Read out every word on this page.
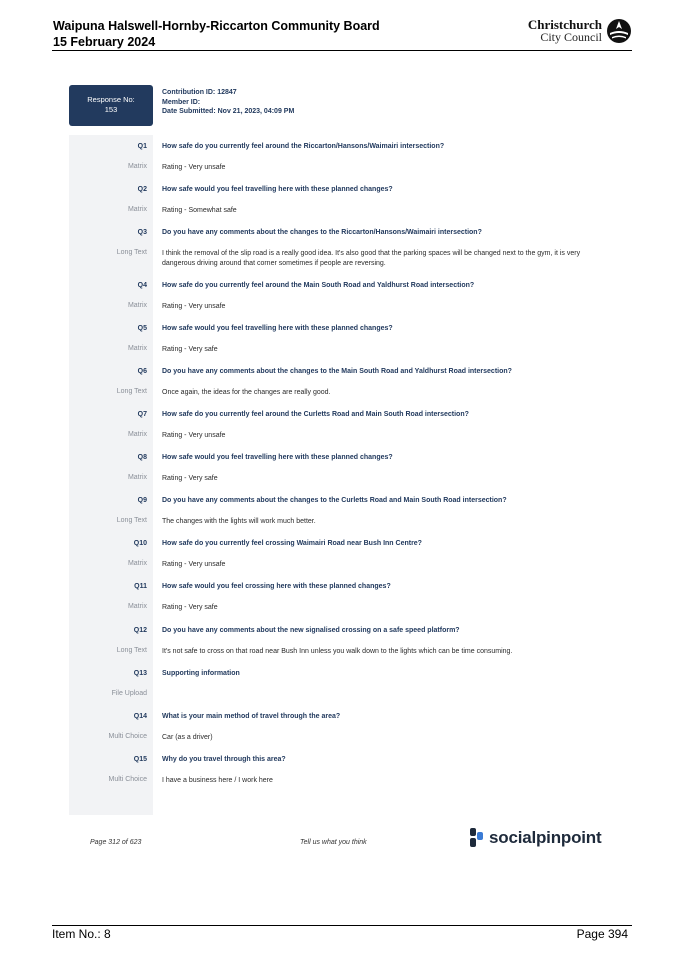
Waipuna Halswell-Hornby-Riccarton Community Board
15 February 2024
Christchurch
City Council
Response No:
153
Contribution ID: 12847
Member ID:
Date Submitted: Nov 21, 2023, 04:09 PM
Q1 How safe do you currently feel around the Riccarton/Hansons/Waimairi intersection?
Matrix Rating - Very unsafe
Q2 How safe would you feel travelling here with these planned changes?
Matrix Rating - Somewhat safe
Q3 Do you have any comments about the changes to the Riccarton/Hansons/Waimairi intersection?
Long Text I think the removal of the slip road is a really good idea. It's also good that the parking spaces will be changed next to the gym, it is very dangerous driving around that corner sometimes if people are reversing.
Q4 How safe do you currently feel around the Main South Road and Yaldhurst Road intersection?
Matrix Rating - Very unsafe
Q5 How safe would you feel travelling here with these planned changes?
Matrix Rating - Very safe
Q6 Do you have any comments about the changes to the Main South Road and Yaldhurst Road intersection?
Long Text Once again, the ideas for the changes are really good.
Q7 How safe do you currently feel around the Curletts Road and Main South Road intersection?
Matrix Rating - Very unsafe
Q8 How safe would you feel travelling here with these planned changes?
Matrix Rating - Very safe
Q9 Do you have any comments about the changes to the Curletts Road and Main South Road intersection?
Long Text The changes with the lights will work much better.
Q10 How safe do you currently feel crossing Waimairi Road near Bush Inn Centre?
Matrix Rating - Very unsafe
Q11 How safe would you feel crossing here with these planned changes?
Matrix Rating - Very safe
Q12 Do you have any comments about the new signalised crossing on a safe speed platform?
Long Text It's not safe to cross on that road near Bush Inn unless you walk down to the lights which can be time consuming.
Q13 Supporting information
File Upload
Q14 What is your main method of travel through the area?
Multi Choice Car (as a driver)
Q15 Why do you travel through this area?
Multi Choice I have a business here / I work here
Page 312 of 623	Tell us what you think	socialpinpoint
Item No.: 8	Page 394
